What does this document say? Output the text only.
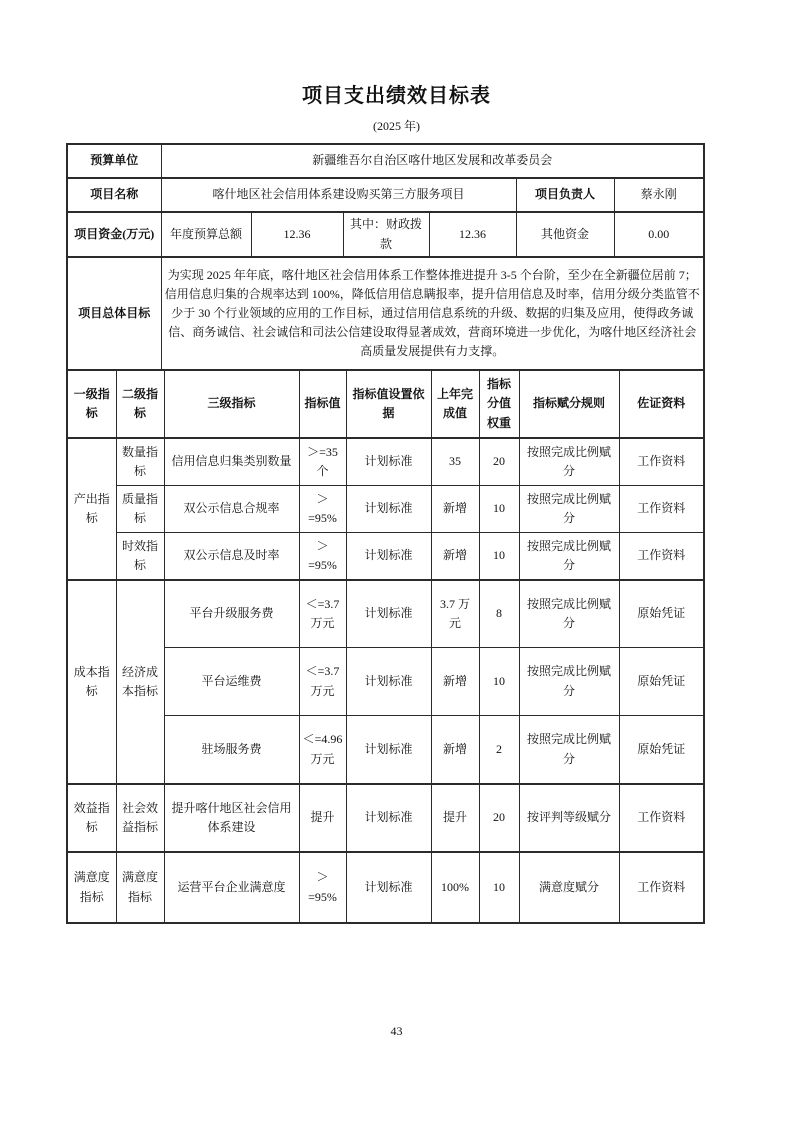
项目支出绩效目标表
(2025 年)
预算单位	新疆维吾尔自治区喀什地区发展和改革委员会					
项目名称	喀什地区社会信用体系建设购买第三方服务项目				项目负责人	蔡永刚
项目资金(万元)	年度预算总额	12.36	其中：财政拨款	12.36	其他资金	0.00
项目总体目标	为实现 2025 年年底，喀什地区社会信用体系工作整体推进提升 3-5 个台阶，至少在全新疆位居前 7；信用信息归集的合规率达到 100%，降低信用信息瞒报率，提升信用信息及时率，信用分级分类监管不少于 30 个行业领域的应用的工作目标，通过信用信息系统的升级、数据的归集及应用，使得政务诚信、商务诚信、社会诚信和司法公信建设取得显著成效，营商环境进一步优化，为喀什地区经济社会高质量发展提供有力支撑。					
一级指标	二级指标	三级指标	指标值	指标值设置依据	上年完成值	指标分值权重	指标赋分规则	佐证资料
产出指标	数量指标	信用信息归集类别数量	＞=35 个	计划标准	35	20	按照完成比例赋分	工作资料
	质量指标	双公示信息合规率	＞=95%	计划标准	新增	10	按照完成比例赋分	工作资料
	时效指标	双公示信息及时率	＞=95%	计划标准	新增	10	按照完成比例赋分	工作资料
成本指标	经济成本指标	平台升级服务费	＜=3.7 万元	计划标准	3.7 万元	8	按照完成比例赋分	原始凭证
		平台运维费	＜=3.7 万元	计划标准	新增	10	按照完成比例赋分	原始凭证
		驻场服务费	＜=4.96 万元	计划标准	新增	2	按照完成比例赋分	原始凭证
效益指标	社会效益指标	提升喀什地区社会信用体系建设	提升	计划标准	提升	20	按评判等级赋分	工作资料
满意度指标	满意度指标	运营平台企业满意度	＞=95%	计划标准	100%	10	满意度赋分	工作资料
43
